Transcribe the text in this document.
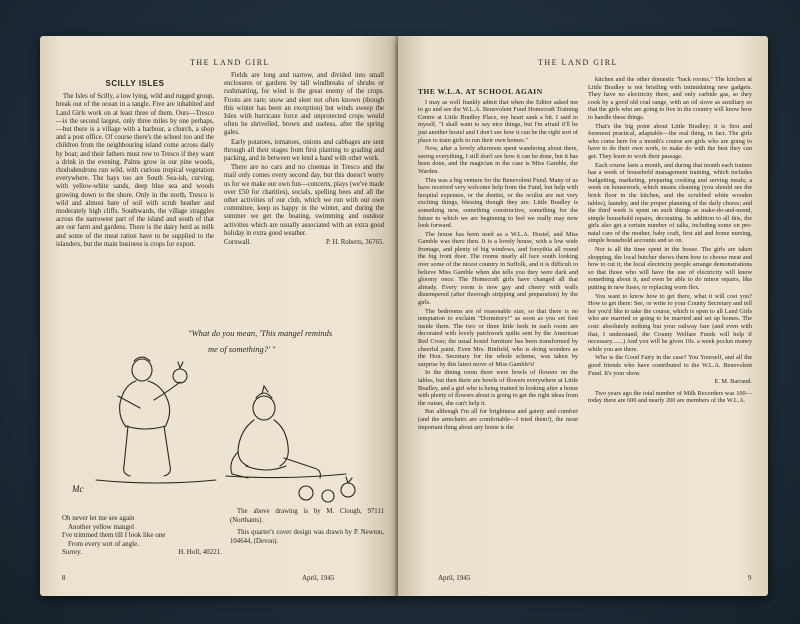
THE LAND GIRL
SCILLY ISLES

The Isles of Scilly, a low lying, wild and rugged group, break out of the ocean in a tangle. Five are inhabited and Land Girls work on at least three of them. Ours—Tresco—is the second largest, only three miles by one perhaps,—but there is a village with a harbour, a church, a shop and a post office. Of course there's the school too and the children from the neighbouring island come across daily by boat; and their fathers must row to Tresco if they want a drink in the evening. Palms grow in our pine woods, rhododendrons run wild, with curious tropical vegetation everywhere. The bays too are South Sea-ish, curving, with yellow-white sands, deep blue sea and woods growing down to the shore. Only in the north, Tresco is wild and almost bare of soil with scrub heather and moderately high cliffs. Southwards, the village straggles across the narrowest part of the island and south of that are our farm and gardens. There is the dairy herd as milk and some of the meat ration have to be supplied to the islanders, but the main business is crops for export.

Fields are long and narrow, and divided into small enclosures or gardens by tall windbreaks of shrubs or rushmatting, for wind is the great enemy of the crops. Frosts are rare; snow and sleet not often known (though this winter has been an exception) but winds sweep the Isles with hurricane force and unprotected crops would often be shrivelled, brown and useless, after the spring gales.

Early potatoes, tomatoes, onions and cabbages are sent through all their stages from first planting to grading and packing, and in between we lend a hand with other work.

There are no cars and no cinemas in Tresco and the mail only comes every second day, but this doesn't worry us for we make our own fun—concerts, plays (we've made over £50 for charities), socials, spelling bees and all the other activities of our club, which we run with our own committee, keep us happy in the winter, and during the summer we get the boating, swimming and outdoor activities which are usually associated with an extra good holiday in extra good weather.

Cornwall.	P. H. Roberts, 36765.
"What do you mean, 'This mangel reminds
me of something?' "
Mc
Oh never let me see again
Another yellow mangel
I've trimmed them till I look like one
From every sort of angle.
Surrey.	H. Holl, 40221.

The above drawing is by M. Clough, 97111 (Northants).

This quarter's cover design was drawn by P. Newton, 104644, (Devon).

8	April, 1945
THE LAND GIRL
THE W.L.A. AT SCHOOL AGAIN

I may as well frankly admit that when the Editor asked me to go and see the W.L.A. Benevolent Fund Homecraft Training Centre at Little Bradley Place, my heart sank a bit. I said to myself, "I shall want to say nice things, but I'm afraid it'll be just another hostel and I don't see how it can be the right sort of place to train girls to run their own homes."

Now, after a lovely afternoon spent wandering about there, seeing everything, I still don't see how it can be done, but it has been done, and the magician in the case is Miss Gamble, the Warden.

This was a big venture for the Benevolent Fund. Many of us have received very welcome help from the Fund, but help with hospital expenses, or the dentist, or the oculist are not very exciting things, blessing though they are. Little Bradley is something new, something constructive, something for the future to which we are beginning to feel we really may now look forward.

The house has been used as a W.L.A. Hostel, and Miss Gamble was there then. It is a lovely house, with a low wide frontage, and plenty of big windows, and forsythia all round the big front door. The rooms nearly all face south looking over some of the nicest country in Suffolk, and it is difficult to believe Miss Gamble when she tells you they were dark and gloomy once. The Homecraft girls have changed all that already. Every room is now gay and cheery with walls distempered (after thorough stripping and preparation) by the girls.

The bedrooms are of reasonable size, so that there is no temptation to exclaim "Dormitory!" as soon as you set foot inside them. The two or three little beds in each room are decorated with lovely patchwork quilts sent by the American Red Cross; the usual hostel furniture has been transformed by cheerful paint. Even Mrs. Binfield, who is doing wonders as the Hon. Secretary for the whole scheme, was taken by surprise by this latest move of Miss Gamble's!

In the dining room there were bowls of flowers on the tables, but then there are bowls of flowers everywhere at Little Bradley, and a girl who is being trained in looking after a home with plenty of flowers about is going to get the right ideas from the outset, she can't help it.

But although I'm all for brightness and gaiety and comfort (and the armchairs are comfortable—I tried them!), the most important thing about any home is the

kitchen and the other domestic "back rooms." The kitchen at Little Bradley is not bristling with intimidating new gadgets. They have no electricity there, and only carbide gas, so they cook by a good old coal range, with an oil stove as auxiliary so that the girls who are going to live in the country will know how to handle these things.

That's the big point about Little Bradley; it is first and foremost practical, adaptable—the real thing, in fact. The girls who come here for a month's course are girls who are going to have to do their own work, to make do with the best they can get. They learn to work their passage.

Each course lasts a month, and during that month each trainee has a week of household management training, which includes budgetting, marketing, preparing cooking and serving meals; a week on housework, which means cleaning (you should see the brick floor in the kitchen, and the scrubbed white wooden tables), laundry, and the proper planning of the daily chores; and the third week is spent on such things as make-do-and-mend, simple household repairs, decorating. In addition to all this, the girls also get a certain number of talks, including some on pre-natal care of the mother, baby craft, first aid and home nursing, simple household accounts and so on.

Nor is all the time spent in the house. The girls are taken shopping, the local butcher shows them how to choose meat and how to cut it; the local electricity people arrange demonstrations so that those who will have the use of electricity will know something about it, and even be able to do minor repairs, like putting in new fuses, or replacing worn flex.

You want to know how to get there, what it will cost you? How to get there: See, or write to your County Secretary and tell her you'd like to take the course, which is open to all Land Girls who are married or going to be married and set up homes. The cost: absolutely nothing but your railway fare (and even with that, I understand, the County Welfare Funds will help if necessary.......) And you will be given 10s. a week pocket money while you are there.

Who is the Good Fairy in the case? You Yourself, and all the good friends who have contributed to the W.L.A. Benevolent Fund. It's your show.

E. M. Barraud.

Two years ago the total number of Milk Recorders was 100—today there are 600 and nearly 200 are members of the W.L.A.

April, 1945	9
